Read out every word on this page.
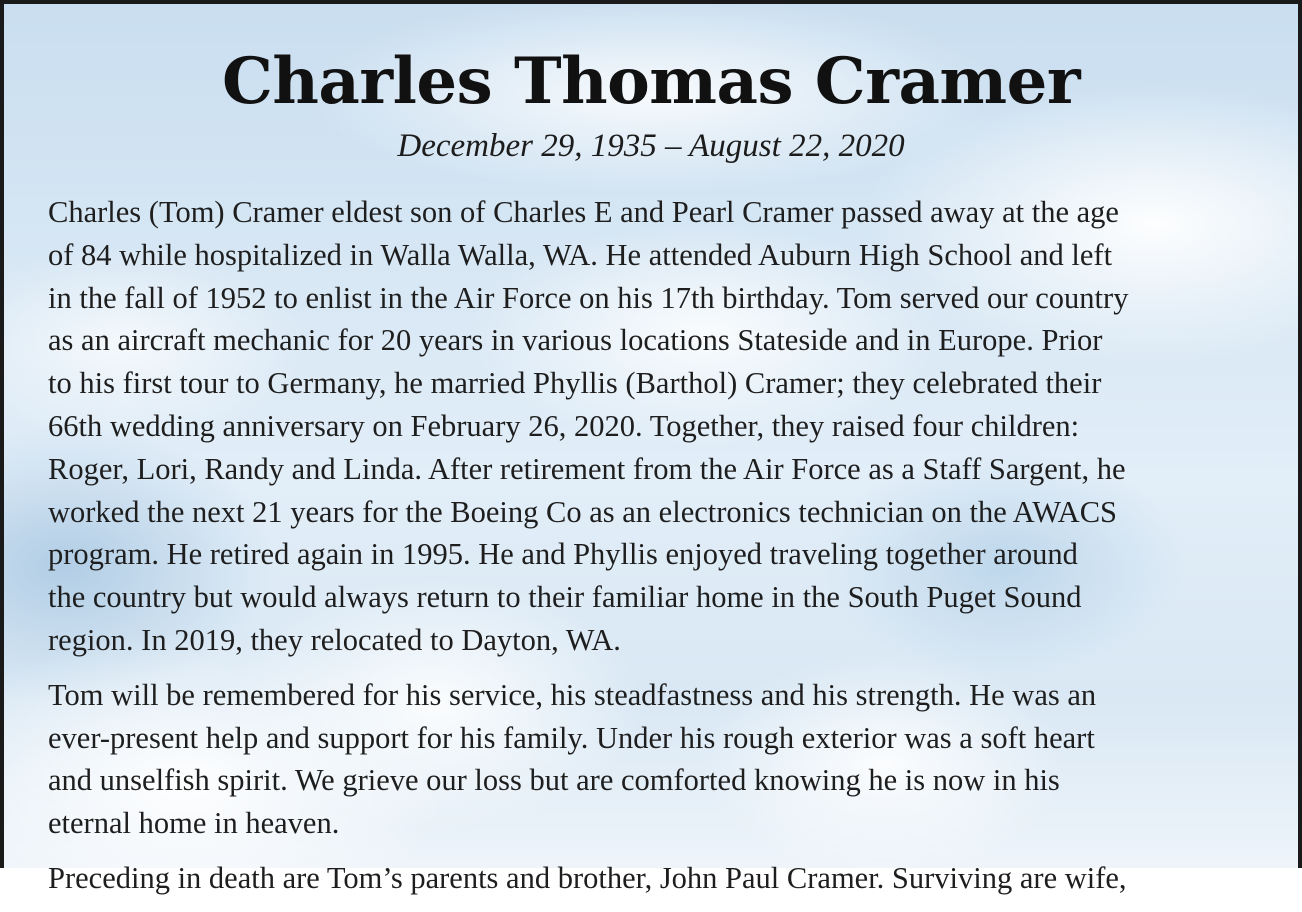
Charles Thomas Cramer
December 29, 1935 – August 22, 2020

Charles (Tom) Cramer eldest son of Charles E and Pearl Cramer passed away at the age
of 84 while hospitalized in Walla Walla, WA. He attended Auburn High School and left
in the fall of 1952 to enlist in the Air Force on his 17th birthday. Tom served our country
as an aircraft mechanic for 20 years in various locations Stateside and in Europe. Prior
to his first tour to Germany, he married Phyllis (Barthol) Cramer; they celebrated their
66th wedding anniversary on February 26, 2020. Together, they raised four children:
Roger, Lori, Randy and Linda. After retirement from the Air Force as a Staff Sargent, he
worked the next 21 years for the Boeing Co as an electronics technician on the AWACS
program. He retired again in 1995. He and Phyllis enjoyed traveling together around
the country but would always return to their familiar home in the South Puget Sound
region. In 2019, they relocated to Dayton, WA.

Tom will be remembered for his service, his steadfastness and his strength. He was an
ever-present help and support for his family. Under his rough exterior was a soft heart
and unselfish spirit. We grieve our loss but are comforted knowing he is now in his
eternal home in heaven.

Preceding in death are Tom’s parents and brother, John Paul Cramer. Surviving are wife,
